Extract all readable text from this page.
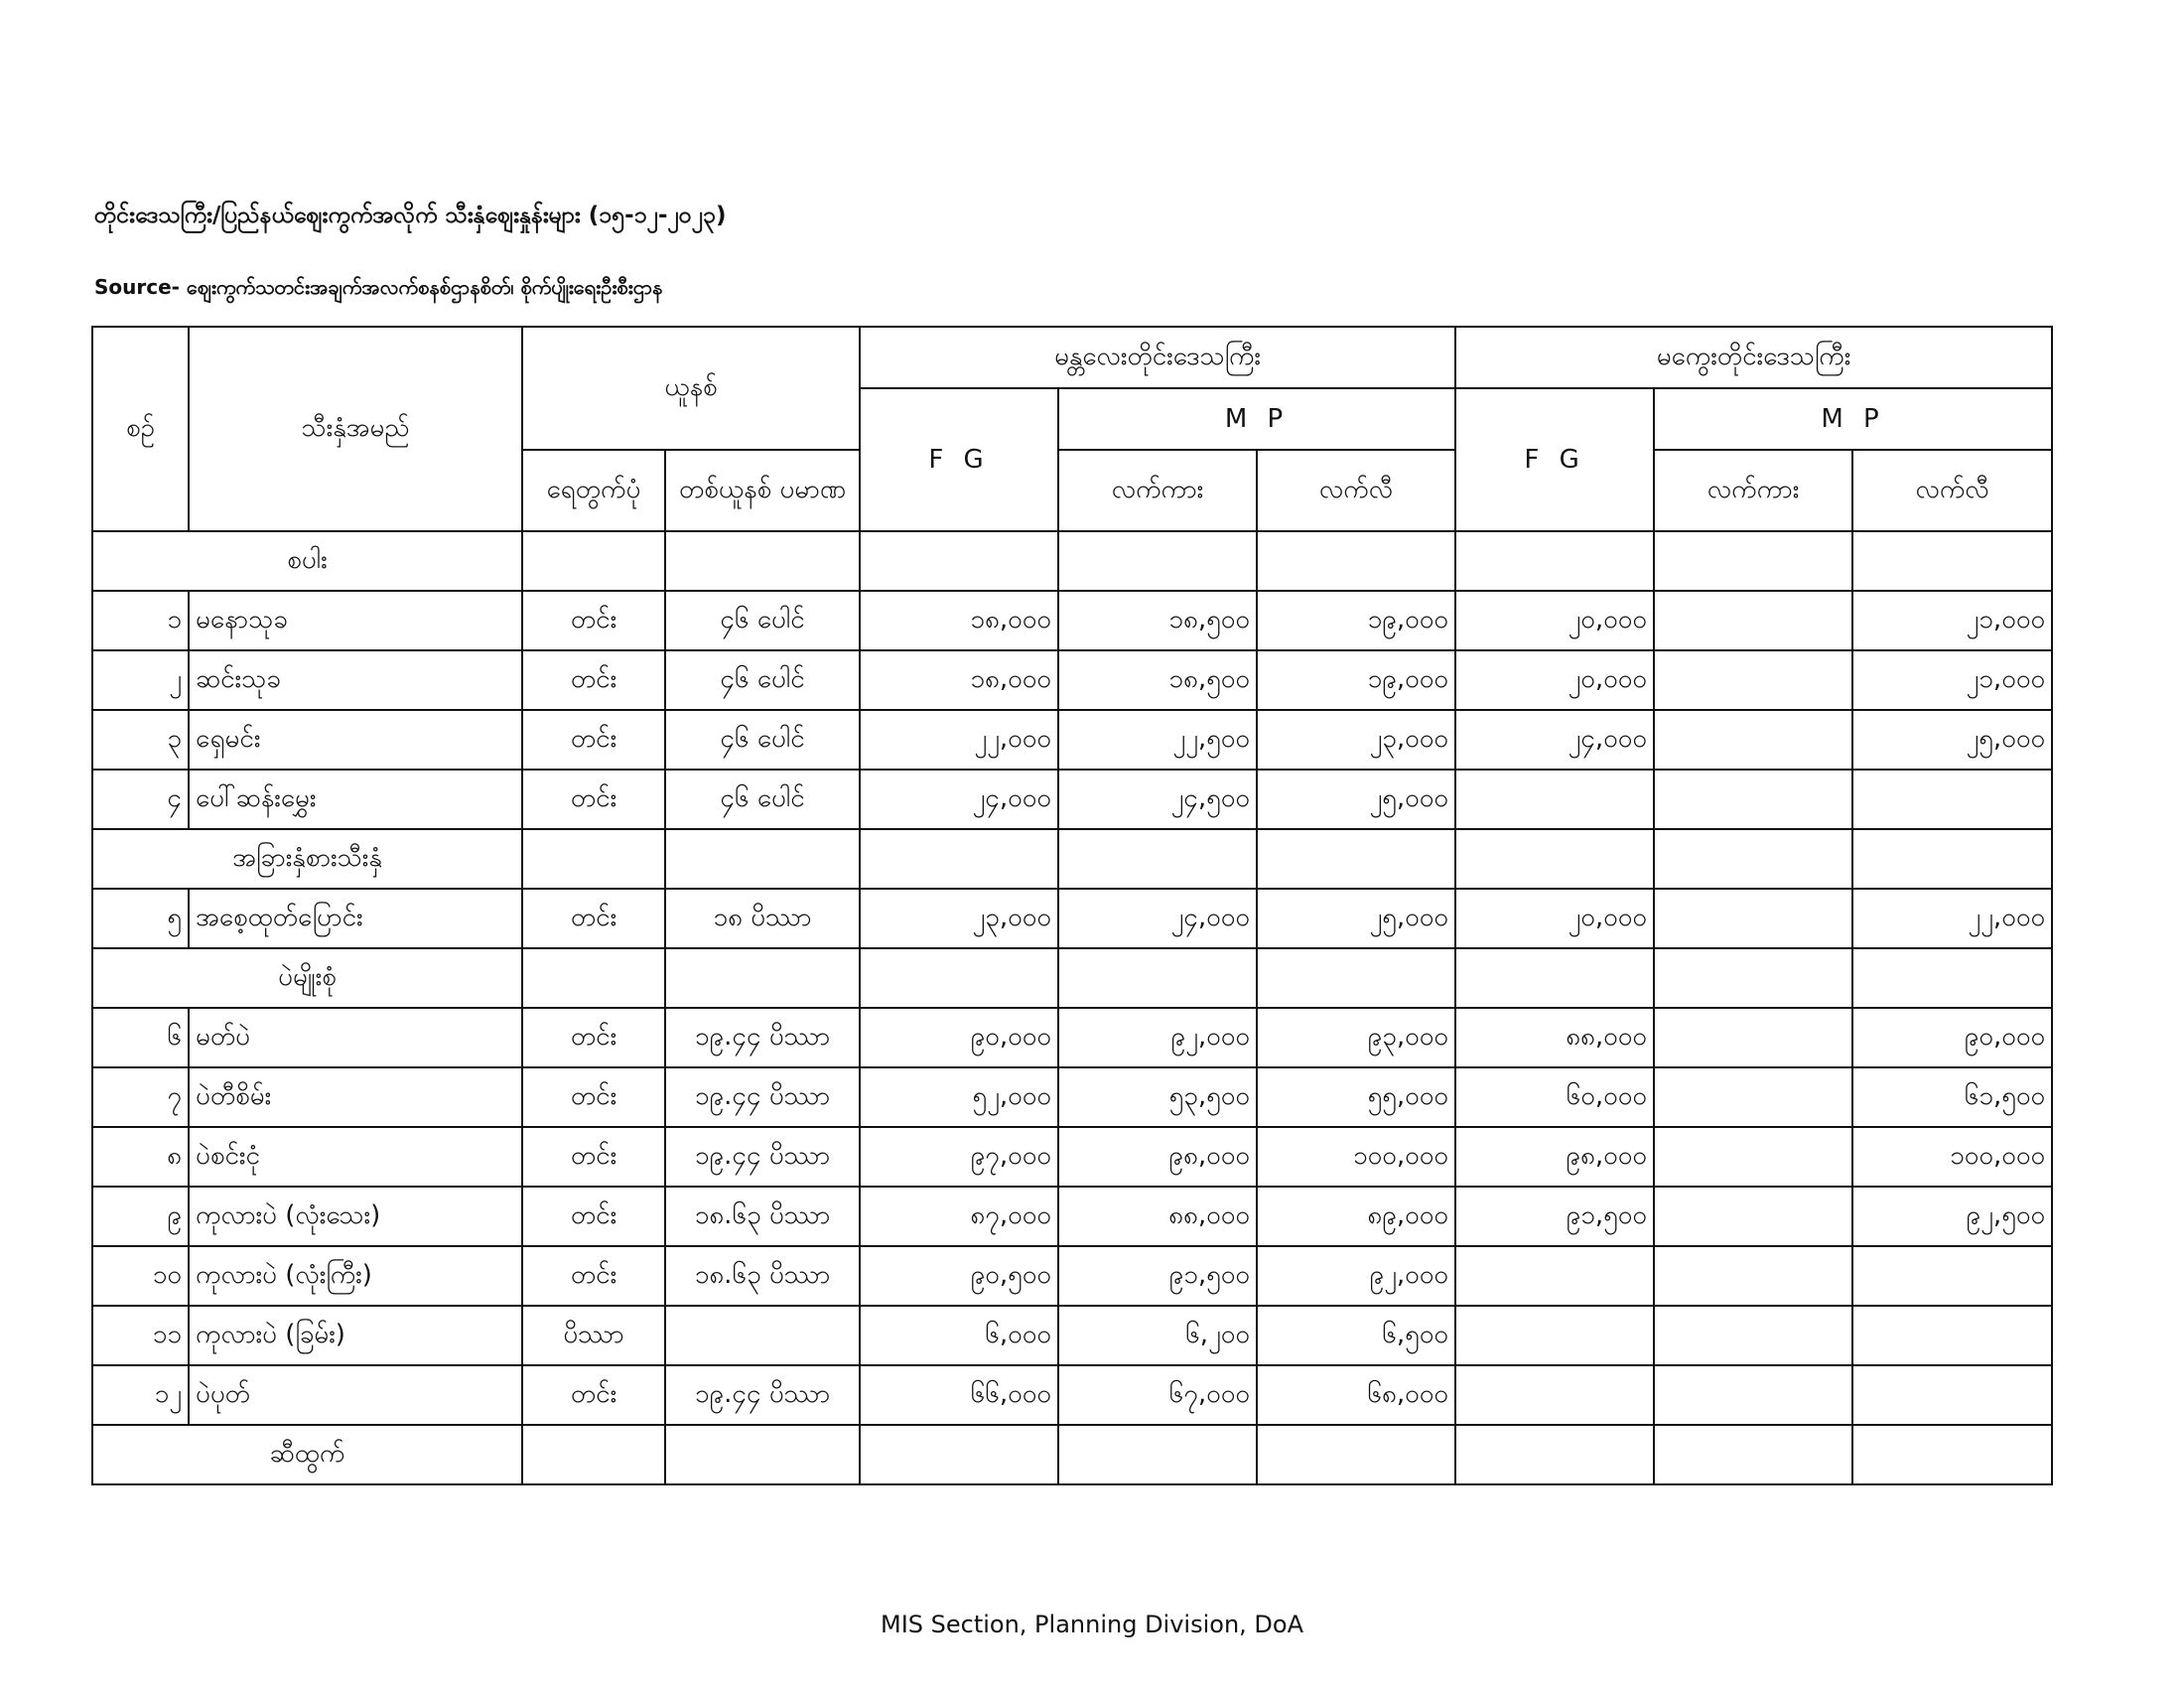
တိုင်းဒေသကြီး/ပြည်နယ်ဈေးကွက်အလိုက် သီးနှံဈေးနှုန်းများ (၁၅-၁၂-၂၀၂၃)
Source- ဈေးကွက်သတင်းအချက်အလက်စနစ်ဌာနစိတ်၊ စိုက်ပျိုးရေးဦးစီးဌာန
စဉ်	သီးနှံအမည်	ယူနစ်		မန္တလေးတိုင်းဒေသကြီး			မကွေးတိုင်းဒေသကြီး		
				F G	M P		F G	M P	
		ရေတွက်ပုံ	တစ်ယူနစ် ပမာဏ		လက်ကား	လက်လီ		လက်ကား	လက်လီ
စပါး									
၁	မနောသုခ	တင်း	၄၆ ပေါင်	၁၈,၀၀၀	၁၈,၅၀၀	၁၉,၀၀၀	၂၀,၀၀၀		၂၁,၀၀၀
၂	ဆင်းသုခ	တင်း	၄၆ ပေါင်	၁၈,၀၀၀	၁၈,၅၀၀	၁၉,၀၀၀	၂၀,၀၀၀		၂၁,၀၀၀
၃	ရှေမင်း	တင်း	၄၆ ပေါင်	၂၂,၀၀၀	၂၂,၅၀၀	၂၃,၀၀၀	၂၄,၀၀၀		၂၅,၀၀၀
၄	ပေါ်ဆန်းမွှေး	တင်း	၄၆ ပေါင်	၂၄,၀၀၀	၂၄,၅၀၀	၂၅,၀၀၀			
အခြားနှံစားသီးနှံ									
၅	အစေ့ထုတ်ပြောင်း	တင်း	၁၈ ပိဿာ	၂၃,၀၀၀	၂၄,၀၀၀	၂၅,၀၀၀	၂၀,၀၀၀		၂၂,၀၀၀
ပဲမျိုးစုံ									
၆	မတ်ပဲ	တင်း	၁၉.၄၄ ပိဿာ	၉၀,၀၀၀	၉၂,၀၀၀	၉၃,၀၀၀	၈၈,၀၀၀		၉၀,၀၀၀
၇	ပဲတီစိမ်း	တင်း	၁၉.၄၄ ပိဿာ	၅၂,၀၀၀	၅၃,၅၀၀	၅၅,၀၀၀	၆၀,၀၀၀		၆၁,၅၀၀
၈	ပဲစင်းငုံ	တင်း	၁၉.၄၄ ပိဿာ	၉၇,၀၀၀	၉၈,၀၀၀	၁၀၀,၀၀၀	၉၈,၀၀၀		၁၀၀,၀၀၀
၉	ကုလားပဲ (လုံးသေး)	တင်း	၁၈.၆၃ ပိဿာ	၈၇,၀၀၀	၈၈,၀၀၀	၈၉,၀၀၀	၉၁,၅၀၀		၉၂,၅၀၀
၁၀	ကုလားပဲ (လုံးကြီး)	တင်း	၁၈.၆၃ ပိဿာ	၉၀,၅၀၀	၉၁,၅၀၀	၉၂,၀၀၀			
၁၁	ကုလားပဲ (ခြမ်း)	ပိဿာ		၆,၀၀၀	၆,၂၀၀	၆,၅၀၀			
၁၂	ပဲပုတ်	တင်း	၁၉.၄၄ ပိဿာ	၆၆,၀၀၀	၆၇,၀၀၀	၆၈,၀၀၀			
ဆီထွက်									
MIS Section, Planning Division, DoA
